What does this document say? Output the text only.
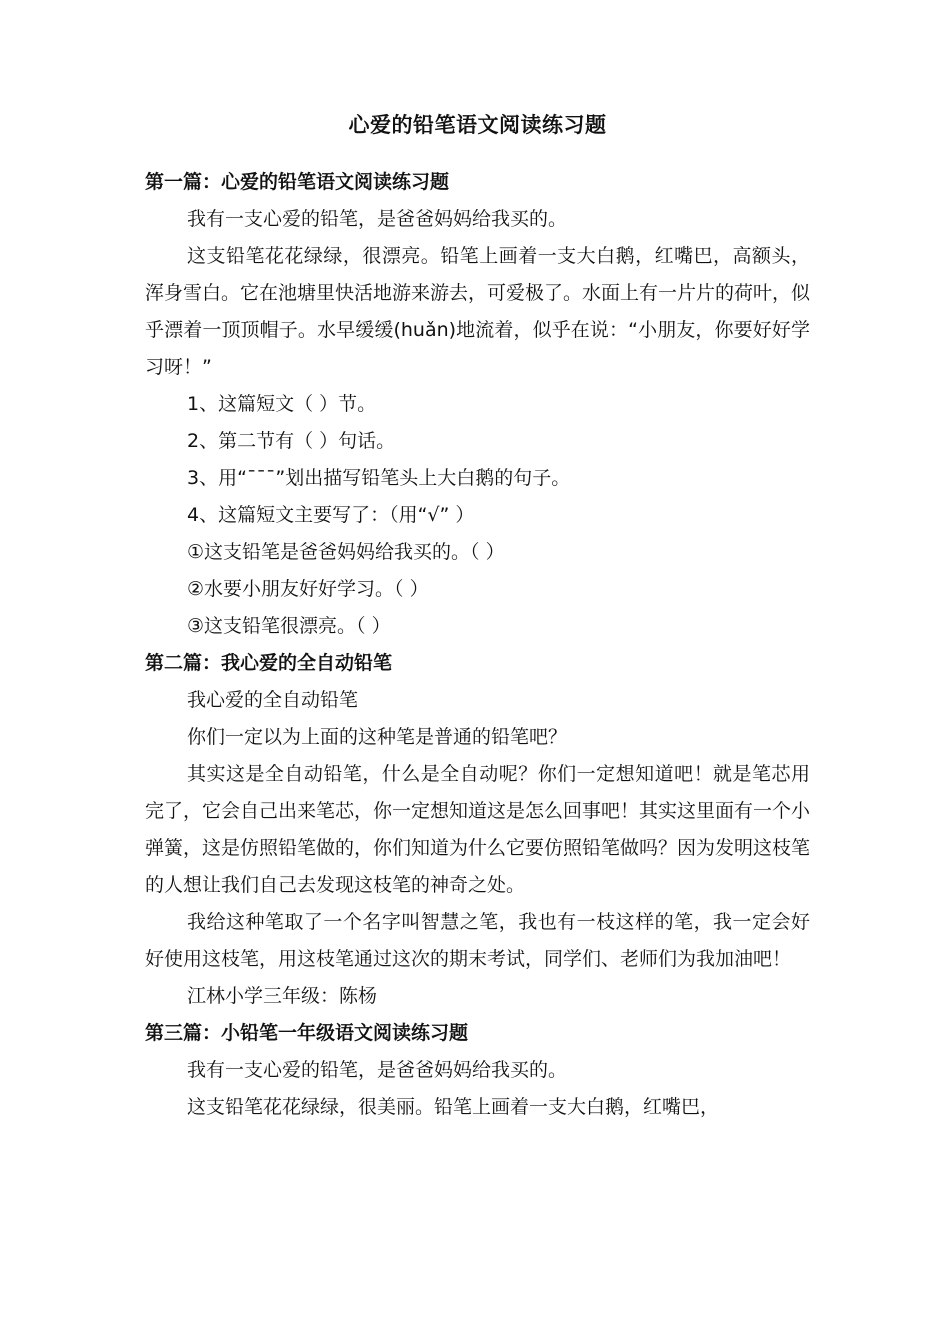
心爱的铅笔语文阅读练习题
第一篇：心爱的铅笔语文阅读练习题
我有一支心爱的铅笔，是爸爸妈妈给我买的。
这支铅笔花花绿绿，很漂亮。铅笔上画着一支大白鹅，红嘴巴，高额头，浑身雪白。它在池塘里快活地游来游去，可爱极了。水面上有一片片的荷叶，似乎漂着一顶顶帽子。水早缓缓(huǎn)地流着，似乎在说：“小朋友，你要好好学习呀！”
1、这篇短文（ ）节。
2、第二节有（ ）句话。
3、用“¯¯¯”划出描写铅笔头上大白鹅的句子。
4、这篇短文主要写了：（用“√” ）
①这支铅笔是爸爸妈妈给我买的。（ ）
②水要小朋友好好学习。（ ）
③这支铅笔很漂亮。（ ）
第二篇：我心爱的全自动铅笔
我心爱的全自动铅笔
你们一定以为上面的这种笔是普通的铅笔吧？
其实这是全自动铅笔，什么是全自动呢？你们一定想知道吧！就是笔芯用完了，它会自己出来笔芯，你一定想知道这是怎么回事吧！其实这里面有一个小弹簧，这是仿照铅笔做的，你们知道为什么它要仿照铅笔做吗？因为发明这枝笔的人想让我们自己去发现这枝笔的神奇之处。
我给这种笔取了一个名字叫智慧之笔，我也有一枝这样的笔，我一定会好好使用这枝笔，用这枝笔通过这次的期末考试，同学们、老师们为我加油吧！
江林小学三年级：陈杨
第三篇：小铅笔一年级语文阅读练习题
我有一支心爱的铅笔，是爸爸妈妈给我买的。
这支铅笔花花绿绿，很美丽。铅笔上画着一支大白鹅，红嘴巴，
